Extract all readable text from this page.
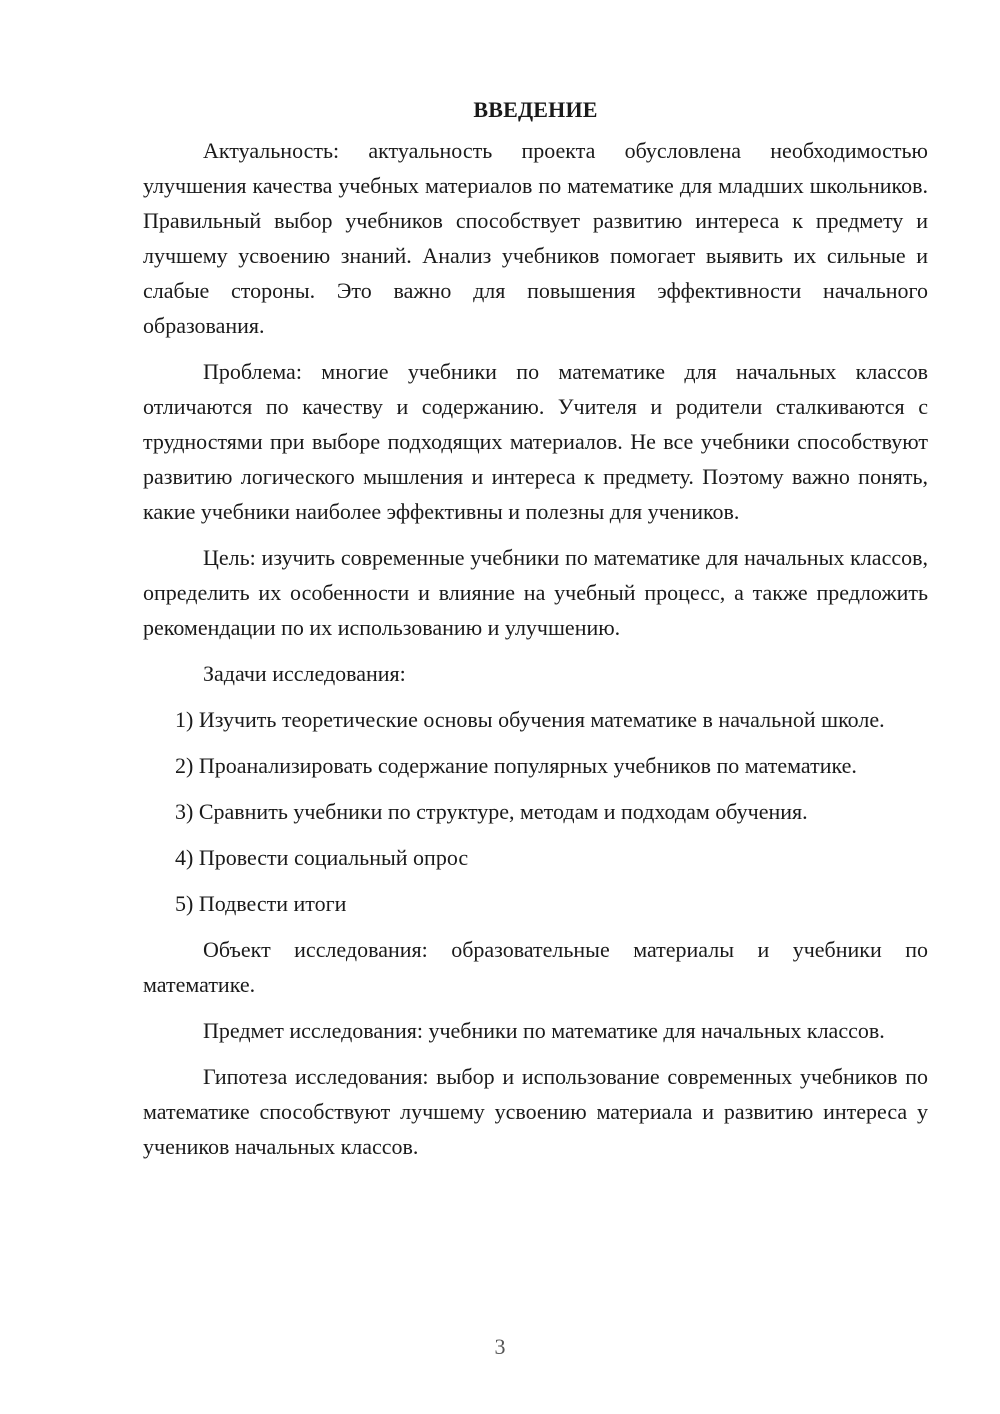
ВВЕДЕНИЕ

Актуальность: актуальность проекта обусловлена необходимостью улучшения качества учебных материалов по математике для младших школьников. Правильный выбор учебников способствует развитию интереса к предмету и лучшему усвоению знаний. Анализ учебников помогает выявить их сильные и слабые стороны. Это важно для повышения эффективности начального образования.

Проблема: многие учебники по математике для начальных классов отличаются по качеству и содержанию. Учителя и родители сталкиваются с трудностями при выборе подходящих материалов. Не все учебники способствуют развитию логического мышления и интереса к предмету. Поэтому важно понять, какие учебники наиболее эффективны и полезны для учеников.

Цель: изучить современные учебники по математике для начальных классов, определить их особенности и влияние на учебный процесс, а также предложить рекомендации по их использованию и улучшению.

Задачи исследования:

1) Изучить теоретические основы обучения математике в начальной школе.

2) Проанализировать содержание популярных учебников по математике.

3) Сравнить учебники по структуре, методам и подходам обучения.

4) Провести социальный опрос

5) Подвести итоги

Объект исследования: образовательные материалы и учебники по математике.

Предмет исследования: учебники по математике для начальных классов.

Гипотеза исследования: выбор и использование современных учебников по математике способствуют лучшему усвоению материала и развитию интереса у учеников начальных классов.

3
